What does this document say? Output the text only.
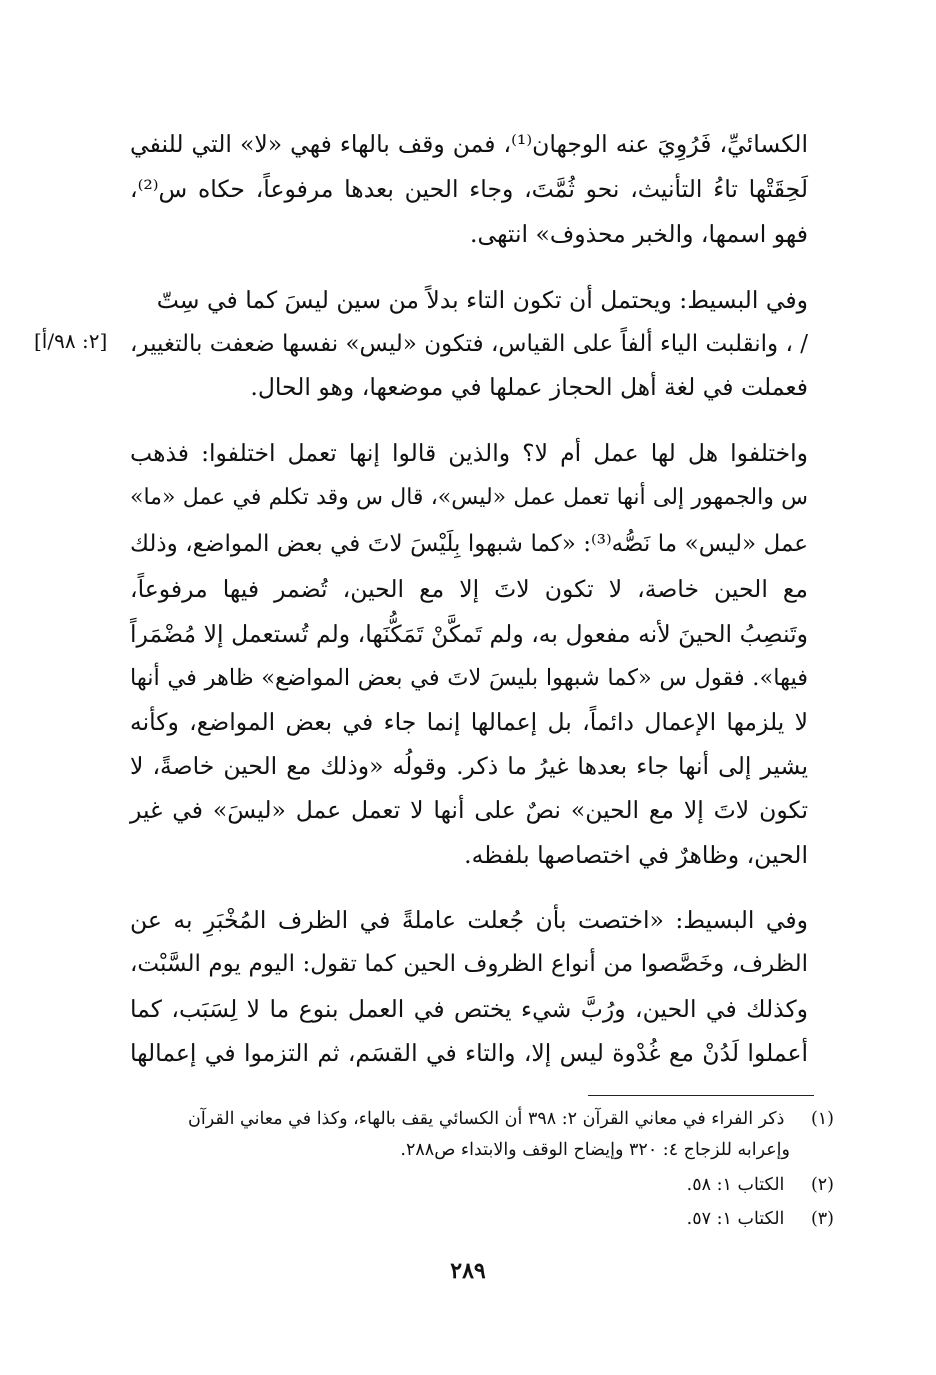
الكسائيِّ، فَرُوِيَ عنه الوجهان⁽¹⁾، فمن وقف بالهاء فهي «لا» التي للنفي
لَحِقَتْها تاءُ التأنيث، نحو ثُمَّتَ، وجاء الحين بعدها مرفوعاً، حكاه س⁽²⁾،
فهو اسمها، والخبر محذوف» انتهى.
وفي البسيط: ويحتمل أن تكون التاء بدلاً من سين ليسَ كما في سِتّ
/ ، وانقلبت الياء ألفاً على القياس، فتكون «ليس» نفسها ضعفت بالتغيير،
فعملت في لغة أهل الحجاز عملها في موضعها، وهو الحال.
[٢: ٩٨/أ]
واختلفوا هل لها عمل أم لا؟ والذين قالوا إنها تعمل اختلفوا: فذهب
س والجمهور إلى أنها تعمل عمل «ليس»، قال س وقد تكلم في عمل «ما»
عمل «ليس» ما نَصُّه⁽³⁾: «كما شبهوا بِلَيْسَ لاتَ في بعض المواضع، وذلك
مع الحين خاصة، لا تكون لاتَ إلا مع الحين، تُضمر فيها مرفوعاً،
وتَنصِبُ الحينَ لأنه مفعول به، ولم تَمكَّنْ تَمَكُّنَها، ولم تُستعمل إلا مُضْمَراً
فيها». فقول س «كما شبهوا بليسَ لاتَ في بعض المواضع» ظاهر في أنها
لا يلزمها الإعمال دائماً، بل إعمالها إنما جاء في بعض المواضع، وكأنه
يشير إلى أنها جاء بعدها غيرُ ما ذكر. وقولُه «وذلك مع الحين خاصةً، لا
تكون لاتَ إلا مع الحين» نصٌ على أنها لا تعمل عمل «ليسَ» في غير
الحين، وظاهرٌ في اختصاصها بلفظه.
وفي البسيط: «اختصت بأن جُعلت عاملةً في الظرف المُخْبَرِ به عن
الظرف، وخَصَّصوا من أنواع الظروف الحين كما تقول: اليوم يوم السَّبْت،
وكذلك في الحين، ورُبَّ شيء يختص في العمل بنوع ما لا لِسَبَب، كما
أعملوا لَدُنْ مع غُدْوة ليس إلا، والتاء في القسَم، ثم التزموا في إعمالها
(١) ذكر الفراء في معاني القرآن ٢: ٣٩٨ أن الكسائي يقف بالهاء، وكذا في معاني القرآن
وإعرابه للزجاج ٤: ٣٢٠ وإيضاح الوقف والابتداء ص٢٨٨.
(٢) الكتاب ١: ٥٨.
(٣) الكتاب ١: ٥٧.
٢٨٩
